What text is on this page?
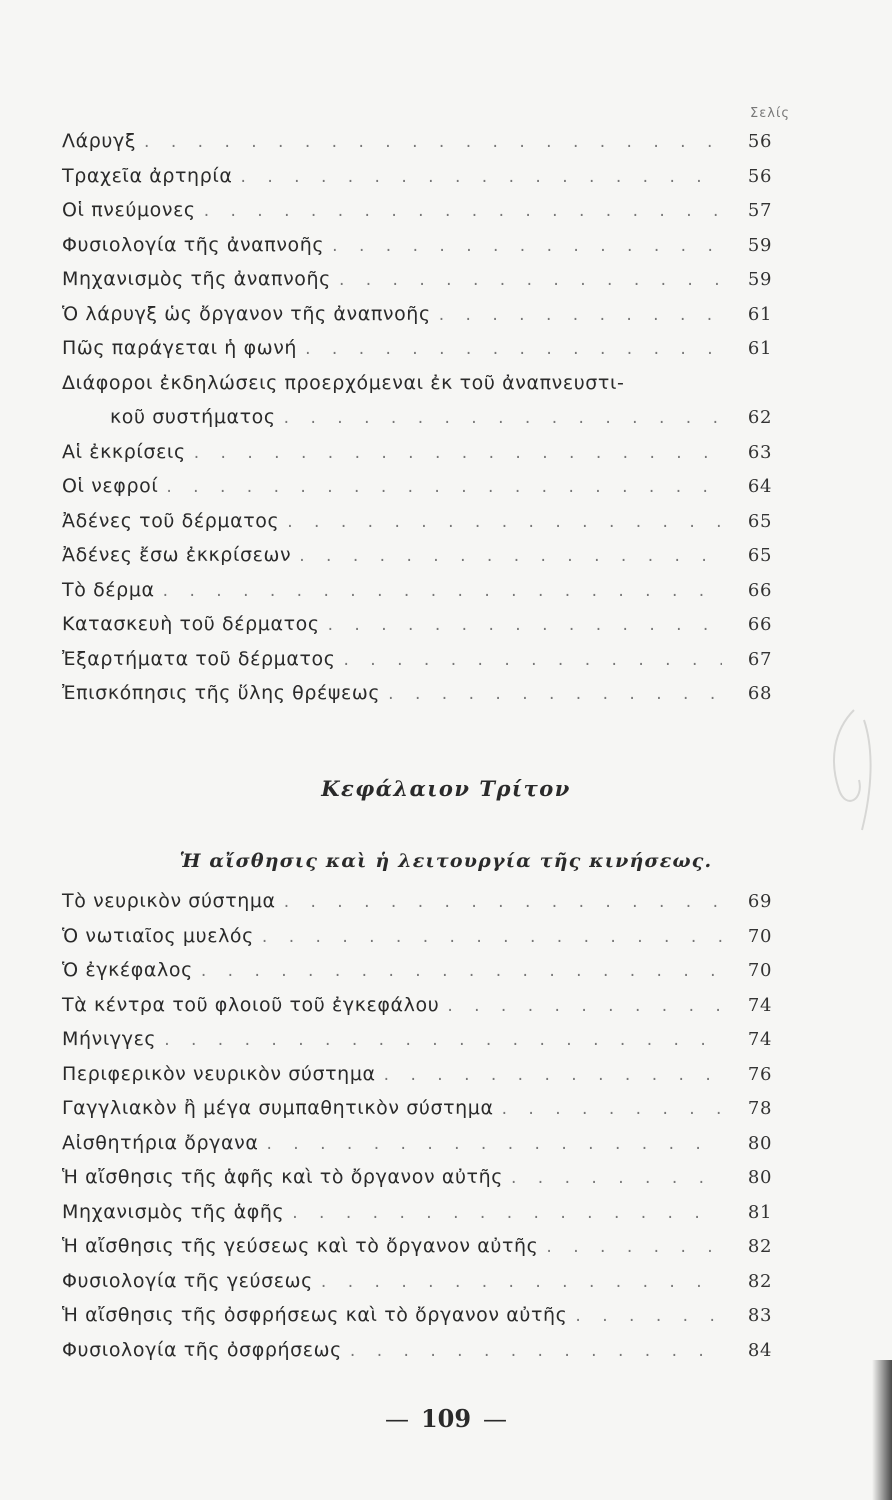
Σελίς
Λάρυγξ . . .	56
Τραχεῖα ἀρτηρία . . .	56
Οἱ πνεύμονες . . .	57
Φυσιολογία τῆς ἀναπνοῆς . . .	59
Μηχανισμὸς τῆς ἀναπνοῆς . . .	59
Ὁ λάρυγξ ὡς ὄργανον τῆς ἀναπνοῆς . . .	61
Πῶς παράγεται ἡ φωνή . . .	61
Διάφοροι ἐκδηλώσεις προερχόμεναι ἐκ τοῦ ἀναπνευστι-
κοῦ συστήματος . . .	62
Αἱ ἐκκρίσεις . . .	63
Οἱ νεφροί . . .	64
Ἀδένες τοῦ δέρματος . . .	65
Ἀδένες ἔσω ἐκκρίσεων . . .	65
Τὸ δέρμα . . .	66
Κατασκευὴ τοῦ δέρματος . . .	66
Ἐξαρτήματα τοῦ δέρματος . . .	67
Ἐπισκόπησις τῆς ὕλης θρέψεως . . .	68
Κεφάλαιον Τρίτον
Ἡ αἴσθησις καὶ ἡ λειτουργία τῆς κινήσεως.
Τὸ νευρικὸν σύστημα . . .	69
Ὁ νωτιαῖος μυελός . . .	70
Ὁ ἐγκέφαλος . . .	70
Τὰ κέντρα τοῦ φλοιοῦ τοῦ ἐγκεφάλου . . .	74
Μήνιγγες . . .	74
Περιφερικὸν νευρικὸν σύστημα . . .	76
Γαγγλιακὸν ἢ μέγα συμπαθητικὸν σύστημα . . .	78
Αἰσθητήρια ὄργανα . . .	80
Ἡ αἴσθησις τῆς ἁφῆς καὶ τὸ ὄργανον αὐτῆς . . .	80
Μηχανισμὸς τῆς ἁφῆς . . .	81
Ἡ αἴσθησις τῆς γεύσεως καὶ τὸ ὄργανον αὐτῆς . . .	82
Φυσιολογία τῆς γεύσεως . . .	82
Ἡ αἴσθησις τῆς ὀσφρήσεως καὶ τὸ ὄργανον αὐτῆς . . .	83
Φυσιολογία τῆς ὀσφρήσεως . . .	84
— 109 —
